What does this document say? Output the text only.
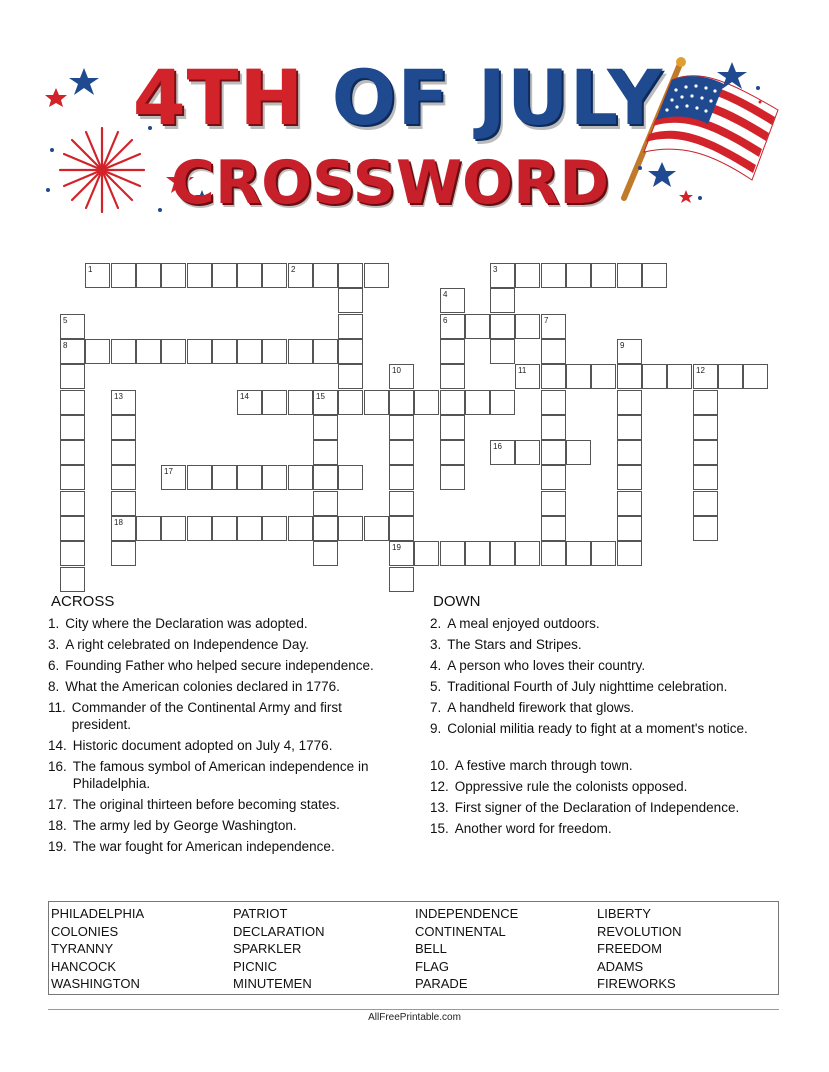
4TH OF JULY
CROSSWORD
1	2	3
6
8
11	12
14	15
16
17
18
19
4
5	7
9
10
13
ACROSS
1. City where the Declaration was adopted.
3. A right celebrated on Independence Day.
6. Founding Father who helped secure independence.
8. What the American colonies declared in 1776.
11. Commander of the Continental Army and first president.
14. Historic document adopted on July 4, 1776.
16. The famous symbol of American independence in Philadelphia.
17. The original thirteen before becoming states.
18. The army led by George Washington.
19. The war fought for American independence.
DOWN
2. A meal enjoyed outdoors.
3. The Stars and Stripes.
4. A person who loves their country.
5. Traditional Fourth of July nighttime celebration.
7. A handheld firework that glows.
9. Colonial militia ready to fight at a moment's notice.
10. A festive march through town.
12. Oppressive rule the colonists opposed.
13. First signer of the Declaration of Independence.
15. Another word for freedom.
PHILADELPHIA	PATRIOT	INDEPENDENCE	LIBERTY
COLONIES	DECLARATION	CONTINENTAL	REVOLUTION
TYRANNY	SPARKLER	BELL	FREEDOM
HANCOCK	PICNIC	FLAG	ADAMS
WASHINGTON	MINUTEMEN	PARADE	FIREWORKS
AllFreePrintable.com
